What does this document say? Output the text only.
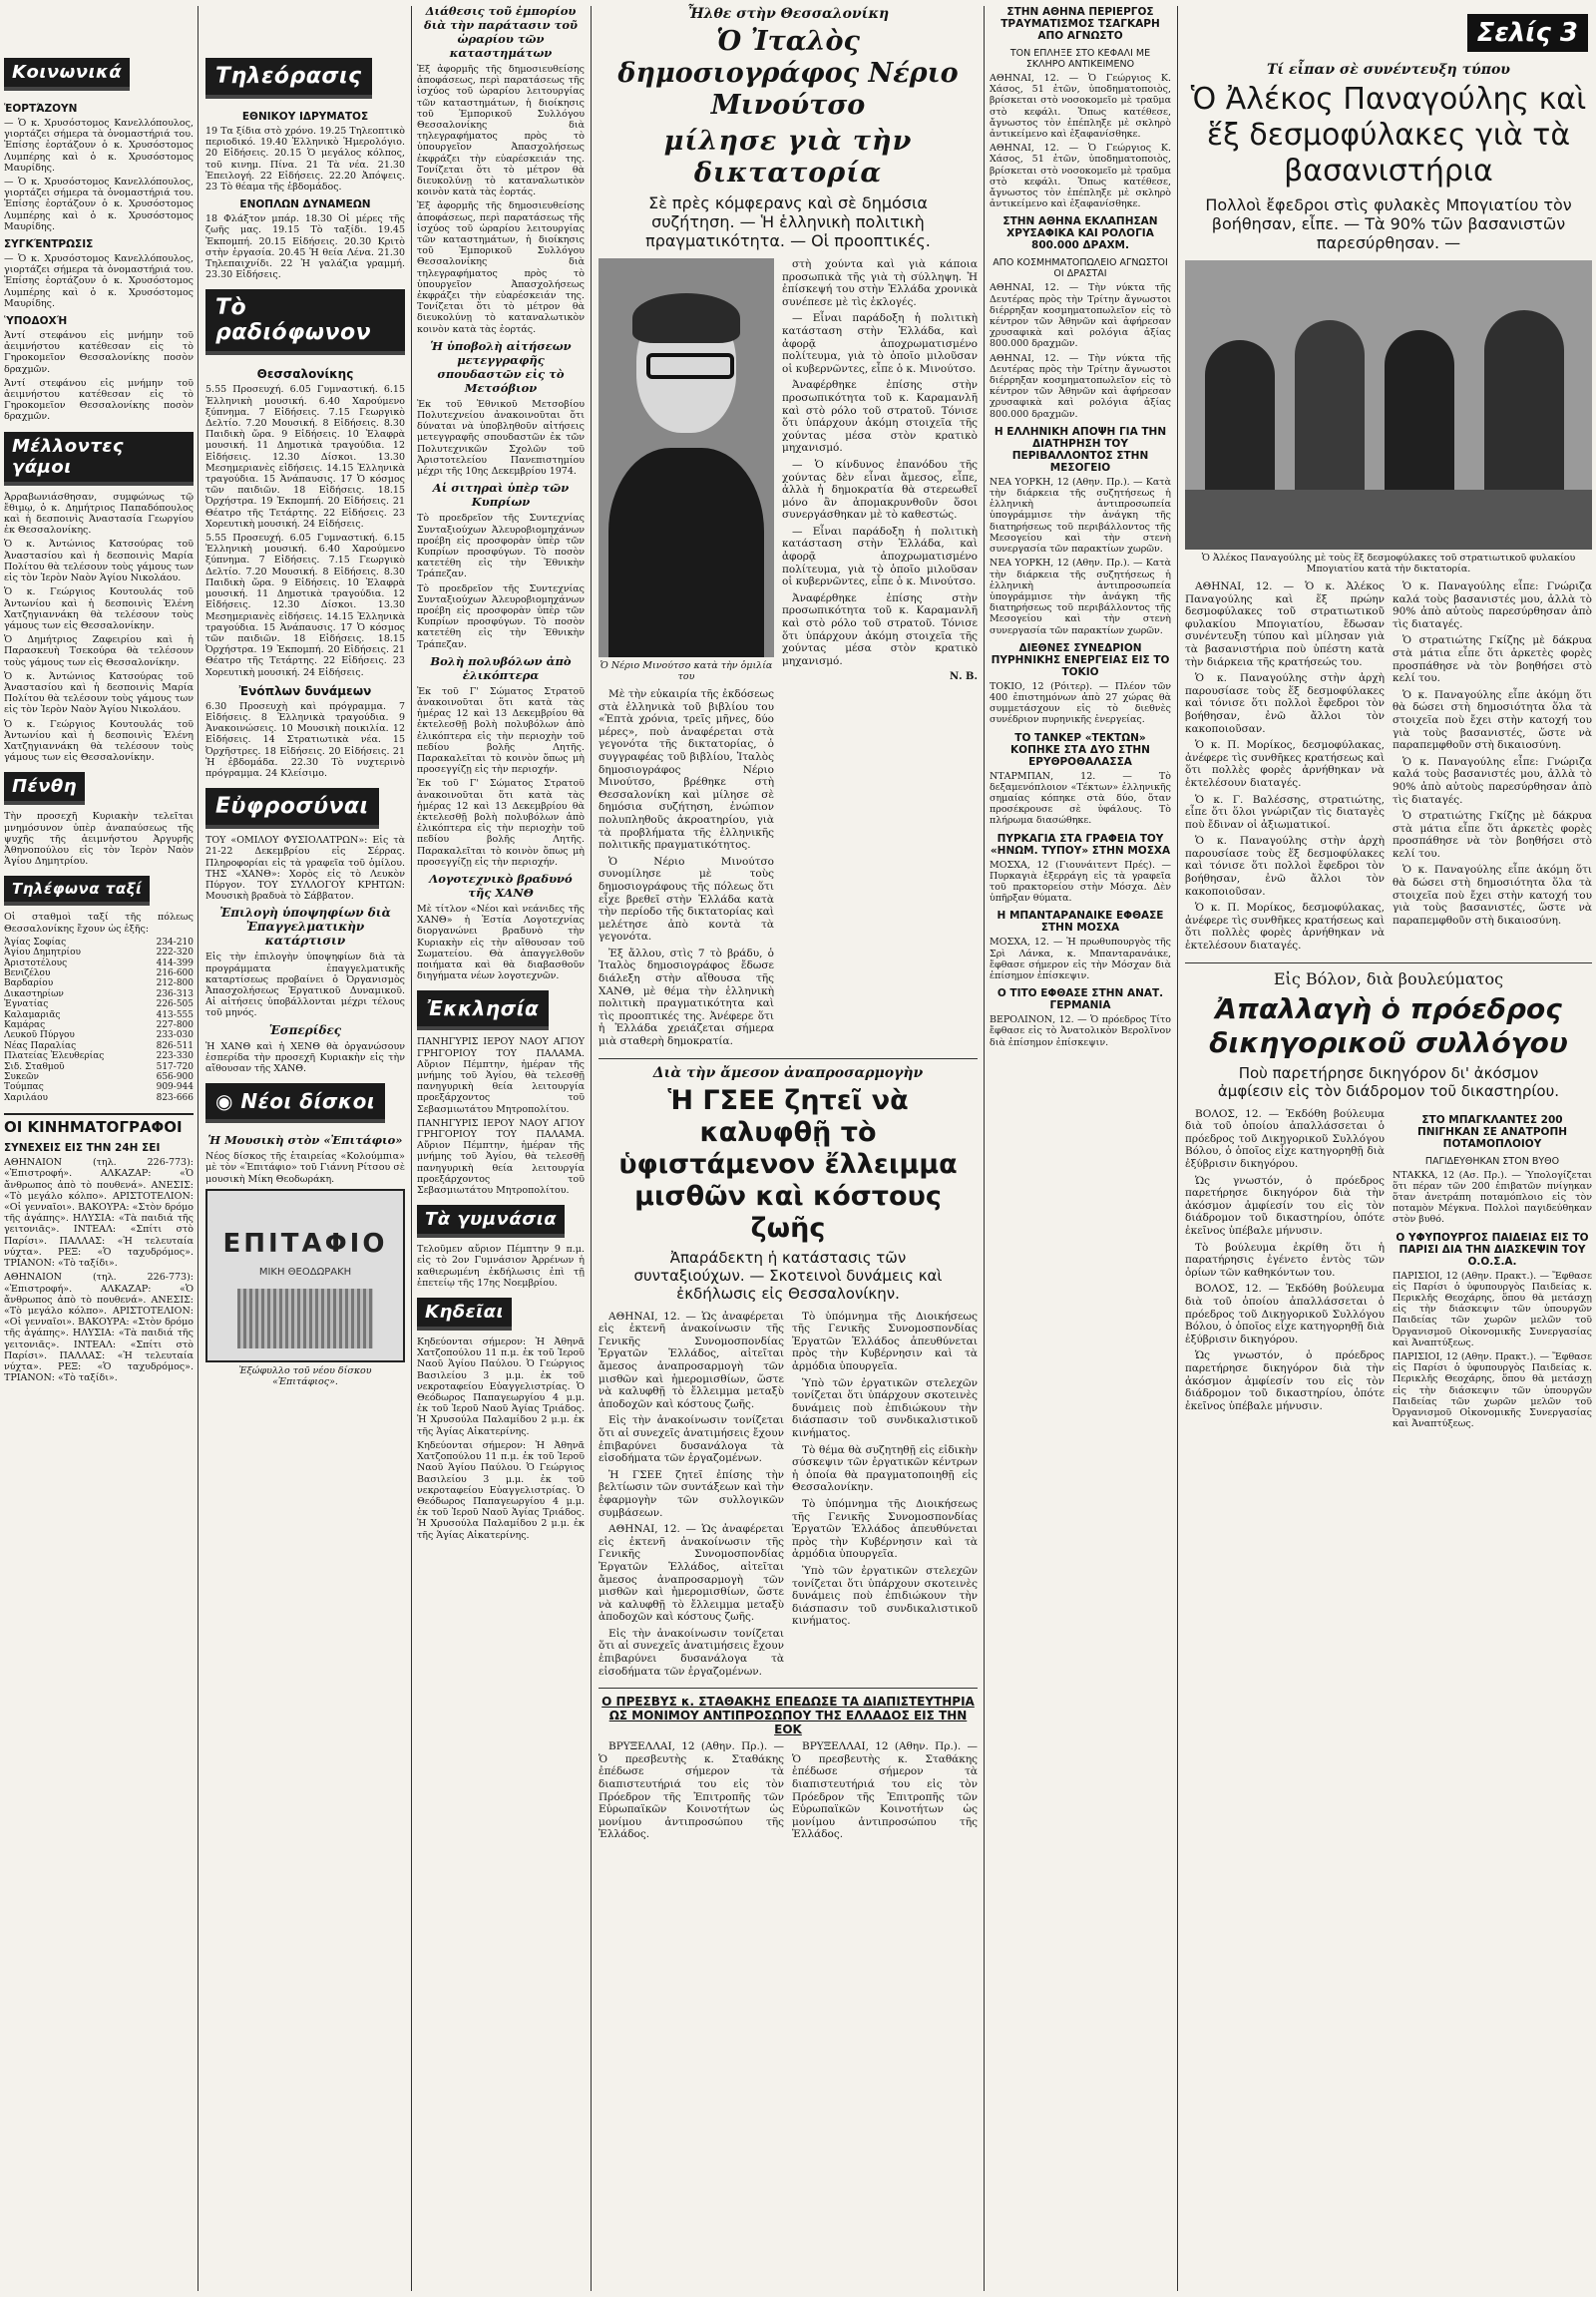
Κοινωνικά
ἙΟΡΤΆΖΟΥΝ

— Ὁ κ. Χρυσόστομος Κανελλόπουλος, γιορτάζει σήμερα τὰ ὀνομαστήριά του. Ἐπίσης ἑορτάζουν ὁ κ. Χρυσόστομος Λυμπέρης καὶ ὁ κ. Χρυσόστομος Μαυρίδης.

— Ὁ κ. Χρυσόστομος Κανελλόπουλος, γιορτάζει σήμερα τὰ ὀνομαστήριά του. Ἐπίσης ἑορτάζουν ὁ κ. Χρυσόστομος Λυμπέρης καὶ ὁ κ. Χρυσόστομος Μαυρίδης.

ΣΥΓΚΈΝΤΡΩΣΙΣ

— Ὁ κ. Χρυσόστομος Κανελλόπουλος, γιορτάζει σήμερα τὰ ὀνομαστήριά του. Ἐπίσης ἑορτάζουν ὁ κ. Χρυσόστομος Λυμπέρης καὶ ὁ κ. Χρυσόστομος Μαυρίδης.

ὙΠΟΔΟΧΉ

Ἀντί στεφάνου εἰς μνήμην τοῦ ἀειμνήστου κατέθεσαν εἰς τὸ Γηροκομεῖον Θεσσαλονίκης ποσὸν δραχμῶν.

Ἀντί στεφάνου εἰς μνήμην τοῦ ἀειμνήστου κατέθεσαν εἰς τὸ Γηροκομεῖον Θεσσαλονίκης ποσὸν δραχμῶν.

Μέλλοντες γάμοι

Ἀρραβωνιάσθησαν, συμφώνως τῷ ἔθιμῳ, ὁ κ. Δημήτριος Παπαδόπουλος καὶ ἡ δεσποινὶς Ἀναστασία Γεωργίου ἐκ Θεσσαλονίκης.

Ὁ κ. Ἀντώνιος Κατσούρας τοῦ Ἀναστασίου καὶ ἡ δεσποινὶς Μαρία Πολίτου θὰ τελέσουν τοὺς γάμους των εἰς τὸν Ἱερὸν Ναὸν Ἁγίου Νικολάου.

Ὁ κ. Γεώργιος Κουτουλάς τοῦ Ἀντωνίου καὶ ἡ δεσποινὶς Ἑλένη Χατζηγιαννάκη θὰ τελέσουν τοὺς γάμους των εἰς Θεσσαλονίκην.

Ὁ Δημήτριος Ζαφειρίου καὶ ἡ Παρασκευὴ Τσεκούρα θὰ τελέσουν τοὺς γάμους των εἰς Θεσσαλονίκην.

Ὁ κ. Ἀντώνιος Κατσούρας τοῦ Ἀναστασίου καὶ ἡ δεσποινὶς Μαρία Πολίτου θὰ τελέσουν τοὺς γάμους των εἰς τὸν Ἱερὸν Ναὸν Ἁγίου Νικολάου.

Ὁ κ. Γεώργιος Κουτουλάς τοῦ Ἀντωνίου καὶ ἡ δεσποινὶς Ἑλένη Χατζηγιαννάκη θὰ τελέσουν τοὺς γάμους των εἰς Θεσσαλονίκην.

Πένθη

Τὴν προσεχῆ Κυριακὴν τελεῖται μνημόσυνον ὑπὲρ ἀναπαύσεως τῆς ψυχῆς τῆς ἀειμνήστου Ἀργυρῆς Ἀθηνοπούλου εἰς τὸν Ἱερὸν Ναὸν Ἁγίου Δημητρίου.

Τηλέφωνα ταξί

Οἱ σταθμοὶ ταξί τῆς πόλεως Θεσσαλονίκης ἔχουν ὡς ἑξῆς:

Ἁγίας Σοφίας	234-210
Ἁγίου Δημητρίου	222-320
Ἀριστοτέλους	414-399
Βενιζέλου	216-600
Βαρδαρίου	212-800
Δικαστηρίων	236-313
Ἐγνατίας	226-505
Καλαμαριᾶς	413-555
Καμάρας	227-800
Λευκοῦ Πύργου	233-030
Νέας Παραλίας	826-511
Πλατείας Ἐλευθερίας	223-330
Σιδ. Σταθμοῦ	517-720
Συκεῶν	656-900
Τούμπας	909-944
Χαριλάου	823-666
ΟΙ ΚΙΝΗΜΑΤΟΓΡΑΦΟΙ
ΣΥΝΕΧΕΙΣ ΕΙΣ ΤΗΝ 24Η ΣΕΙ

ΑΘΗΝΑΙΟΝ (τηλ. 226-773): «Ἐπιστροφή». ΑΛΚΑΖΑΡ: «Ὁ ἄνθρωπος ἀπὸ τὸ πουθενά». ΑΝΕΣΙΣ: «Τὸ μεγάλο κόλπο». ΑΡΙΣΤΟΤΕΛΙΟΝ: «Οἱ γενναῖοι». ΒΑΚΟΥΡΑ: «Στὸν δρόμο τῆς ἀγάπης». ΗΛΥΣΙΑ: «Τὰ παιδιά τῆς γειτονιᾶς». ΙΝΤΕΑΛ: «Σπίτι στὸ Παρίσι». ΠΑΛΛΑΣ: «Ἡ τελευταία νύχτα». ΡΕΞ: «Ὁ ταχυδρόμος». ΤΡΙΑΝΟΝ: «Τὸ ταξίδι».

ΑΘΗΝΑΙΟΝ (τηλ. 226-773): «Ἐπιστροφή». ΑΛΚΑΖΑΡ: «Ὁ ἄνθρωπος ἀπὸ τὸ πουθενά». ΑΝΕΣΙΣ: «Τὸ μεγάλο κόλπο». ΑΡΙΣΤΟΤΕΛΙΟΝ: «Οἱ γενναῖοι». ΒΑΚΟΥΡΑ: «Στὸν δρόμο τῆς ἀγάπης». ΗΛΥΣΙΑ: «Τὰ παιδιά τῆς γειτονιᾶς». ΙΝΤΕΑΛ: «Σπίτι στὸ Παρίσι». ΠΑΛΛΑΣ: «Ἡ τελευταία νύχτα». ΡΕΞ: «Ὁ ταχυδρόμος». ΤΡΙΑΝΟΝ: «Τὸ ταξίδι».

Τηλεόρασις
ΕΘΝΙΚΟΥ ΙΔΡΥΜΑΤΟΣ

19 Τα ξίδια στὸ χρόνο. 19.25 Τηλεοπτικὸ περιοδικό. 19.40 Ἑλληνικὸ Ἡμερολόγιο. 20 Εἰδήσεις. 20.15 Ὁ μεγάλος κόλπος, τοῦ κινημ. Πίνα. 21 Τὰ νέα. 21.30 Ἐπειλογή. 22 Εἰδήσεις. 22.20 Ἀπόψεις. 23 Τὸ θέαμα τῆς ἑβδομάδος.

ΕΝΟΠΛΩΝ ΔΥΝΑΜΕΩΝ

18 Φλάξτον μπάρ. 18.30 Οἱ μέρες τῆς ζωῆς μας. 19.15 Τὸ ταξίδι. 19.45 Ἐκπομπή. 20.15 Εἰδήσεις. 20.30 Κριτὸ στὴν ἐργασία. 20.45 Ἡ θεία Λένα. 21.30 Τηλεπαιχνίδι. 22 Ἡ γαλάζια γραμμή. 23.30 Εἰδήσεις.

Τὸ ραδιόφωνον
Θεσσαλονίκης

5.55 Προσευχή. 6.05 Γυμναστική. 6.15 Ἑλληνικὴ μουσική. 6.40 Χαρούμενο ξύπνημα. 7 Εἰδήσεις. 7.15 Γεωργικὸ Δελτίο. 7.20 Μουσική. 8 Εἰδήσεις. 8.30 Παιδικὴ ὥρα. 9 Εἰδήσεις. 10 Ἐλαφρὰ μουσική. 11 Δημοτικὰ τραγούδια. 12 Εἰδήσεις. 12.30 Δίσκοι. 13.30 Μεσημεριανὲς εἰδήσεις. 14.15 Ἑλληνικὰ τραγούδια. 15 Ἀνάπαυσις. 17 Ὁ κόσμος τῶν παιδιῶν. 18 Εἰδήσεις. 18.15 Ὀρχήστρα. 19 Ἐκπομπή. 20 Εἰδήσεις. 21 Θέατρο τῆς Τετάρτης. 22 Εἰδήσεις. 23 Χορευτικὴ μουσική. 24 Εἰδήσεις.

5.55 Προσευχή. 6.05 Γυμναστική. 6.15 Ἑλληνικὴ μουσική. 6.40 Χαρούμενο ξύπνημα. 7 Εἰδήσεις. 7.15 Γεωργικὸ Δελτίο. 7.20 Μουσική. 8 Εἰδήσεις. 8.30 Παιδικὴ ὥρα. 9 Εἰδήσεις. 10 Ἐλαφρὰ μουσική. 11 Δημοτικὰ τραγούδια. 12 Εἰδήσεις. 12.30 Δίσκοι. 13.30 Μεσημεριανὲς εἰδήσεις. 14.15 Ἑλληνικὰ τραγούδια. 15 Ἀνάπαυσις. 17 Ὁ κόσμος τῶν παιδιῶν. 18 Εἰδήσεις. 18.15 Ὀρχήστρα. 19 Ἐκπομπή. 20 Εἰδήσεις. 21 Θέατρο τῆς Τετάρτης. 22 Εἰδήσεις. 23 Χορευτικὴ μουσική. 24 Εἰδήσεις.

Ἐνόπλων δυνάμεων

6.30 Προσευχὴ καὶ πρόγραμμα. 7 Εἰδήσεις. 8 Ἑλληνικὰ τραγούδια. 9 Ἀνακοινώσεις. 10 Μουσικὴ ποικιλία. 12 Εἰδήσεις. 14 Στρατιωτικὰ νέα. 15 Ὀρχῆστρες. 18 Εἰδήσεις. 20 Εἰδήσεις. 21 Ἡ ἑβδομάδα. 22.30 Τὸ νυχτερινὸ πρόγραμμα. 24 Κλείσιμο.

Εὐφροσύναι

ΤΟΥ «ΟΜΙΛΟΥ ΦΥΣΙΟΛΑΤΡΩΝ»: Εἰς τὰ 21-22 Δεκεμβρίου εἰς Σέρρας. Πληροφορίαι εἰς τὰ γραφεῖα τοῦ ὁμίλου. ΤΗΣ «ΧΑΝΘ»: Χορὸς εἰς τὸ Λευκὸν Πύργον. ΤΟΥ ΣΥΛΛΟΓΟΥ ΚΡΗΤΩΝ: Μουσικὴ βραδυὰ τὸ Σάββατον.

Ἐπιλογὴ ὑποψηφίων διὰ Ἐπαγγελματικὴν κατάρτισιν

Εἰς τὴν ἐπιλογὴν ὑποψηφίων διὰ τὰ προγράμματα ἐπαγγελματικῆς καταρτίσεως προβαίνει ὁ Ὀργανισμὸς Ἀπασχολήσεως Ἐργατικοῦ Δυναμικοῦ. Αἱ αἰτήσεις ὑποβάλλονται μέχρι τέλους τοῦ μηνός.

Ἑσπερίδες

Ἡ ΧΑΝΘ καὶ ἡ ΧΕΝΘ θὰ ὀργανώσουν ἑσπερίδα τὴν προσεχῆ Κυριακὴν εἰς τὴν αἴθουσαν τῆς ΧΑΝΘ.

◉ Νέοι δίσκοι
Ἡ Μουσικὴ στὸν «Ἐπιτάφιο»

Νέος δίσκος τῆς ἑταιρείας «Κολούμπια» μὲ τὸν «Ἐπιτάφιο» τοῦ Γιάννη Ρίτσου σὲ μουσικὴ Μίκη Θεοδωράκη.

ΕΠΙΤΑΦΙΟ
ΜΙΚΗ ΘΕΟΔΩΡΑΚΗ

Ἐξώφυλλο τοῦ νέου δίσκου «Ἐπιτάφιος».

Διάθεσις τοῦ ἐμπορίου διὰ τὴν παράτασιν τοῦ ὡραρίου τῶν καταστημάτων

Ἐξ ἀφορμῆς τῆς δημοσιευθείσης ἀποφάσεως, περὶ παρατάσεως τῆς ἰσχύος τοῦ ὡραρίου λειτουργίας τῶν καταστημάτων, ἡ διοίκησις τοῦ Ἐμπορικοῦ Συλλόγου Θεσσαλονίκης διὰ τηλεγραφήματος πρὸς τὸ ὑπουργεῖον Ἀπασχολήσεως ἐκφράζει τὴν εὐαρέσκειάν της. Τονίζεται ὅτι τὸ μέτρον θὰ διευκολύνῃ τὸ καταναλωτικὸν κοινὸν κατὰ τὰς ἑορτάς.

Ἐξ ἀφορμῆς τῆς δημοσιευθείσης ἀποφάσεως, περὶ παρατάσεως τῆς ἰσχύος τοῦ ὡραρίου λειτουργίας τῶν καταστημάτων, ἡ διοίκησις τοῦ Ἐμπορικοῦ Συλλόγου Θεσσαλονίκης διὰ τηλεγραφήματος πρὸς τὸ ὑπουργεῖον Ἀπασχολήσεως ἐκφράζει τὴν εὐαρέσκειάν της. Τονίζεται ὅτι τὸ μέτρον θὰ διευκολύνῃ τὸ καταναλωτικὸν κοινὸν κατὰ τὰς ἑορτάς.

Ἡ ὑποβολὴ αἰτήσεων μετεγγραφῆς σπουδαστῶν εἰς τὸ Μετσόβιον

Ἐκ τοῦ Ἐθνικοῦ Μετσοβίου Πολυτεχνείου ἀνακοινοῦται ὅτι δύναται νὰ ὑποβληθοῦν αἰτήσεις μετεγγραφῆς σπουδαστῶν ἐκ τῶν Πολυτεχνικῶν Σχολῶν τοῦ Ἀριστοτελείου Πανεπιστημίου μέχρι τῆς 10ης Δεκεμβρίου 1974.

Αἱ σιτηραὶ ὑπὲρ τῶν Κυπρίων

Τὸ προεδρεῖον τῆς Συντεχνίας Συνταξιούχων Ἀλευροβιομηχάνων προέβη εἰς προσφορὰν ὑπὲρ τῶν Κυπρίων προσφύγων. Τὸ ποσὸν κατετέθη εἰς τὴν Ἐθνικὴν Τράπεζαν.

Τὸ προεδρεῖον τῆς Συντεχνίας Συνταξιούχων Ἀλευροβιομηχάνων προέβη εἰς προσφορὰν ὑπὲρ τῶν Κυπρίων προσφύγων. Τὸ ποσὸν κατετέθη εἰς τὴν Ἐθνικὴν Τράπεζαν.

Βολὴ πολυβόλων ἀπὸ ἐλικόπτερα

Ἐκ τοῦ Γ' Σώματος Στρατοῦ ἀνακοινοῦται ὅτι κατὰ τὰς ἡμέρας 12 καὶ 13 Δεκεμβρίου θὰ ἐκτελεσθῇ βολὴ πολυβόλων ἀπὸ ἐλικόπτερα εἰς τὴν περιοχὴν τοῦ πεδίου βολῆς Λητῆς. Παρακαλεῖται τὸ κοινὸν ὅπως μὴ προσεγγίζῃ εἰς τὴν περιοχήν.

Ἐκ τοῦ Γ' Σώματος Στρατοῦ ἀνακοινοῦται ὅτι κατὰ τὰς ἡμέρας 12 καὶ 13 Δεκεμβρίου θὰ ἐκτελεσθῇ βολὴ πολυβόλων ἀπὸ ἐλικόπτερα εἰς τὴν περιοχὴν τοῦ πεδίου βολῆς Λητῆς. Παρακαλεῖται τὸ κοινὸν ὅπως μὴ προσεγγίζῃ εἰς τὴν περιοχήν.

Λογοτεχνικὸ βραδυνό τῆς ΧΑΝΘ

Μὲ τίτλον «Νέοι καὶ νεάνιδες τῆς ΧΑΝΘ» ἡ Ἑστία Λογοτεχνίας διοργανώνει βραδυνὸ τὴν Κυριακὴν εἰς τὴν αἴθουσαν τοῦ Σωματείου. Θὰ ἀπαγγελθοῦν ποιήματα καὶ θὰ διαβασθοῦν διηγήματα νέων λογοτεχνῶν.

Ἐκκλησία

ΠΑΝΗΓΥΡΙΣ ΙΕΡΟΥ ΝΑΟΥ ΑΓΙΟΥ ΓΡΗΓΟΡΙΟΥ ΤΟΥ ΠΑΛΑΜΑ. Αὔριον Πέμπτην, ἡμέραν τῆς μνήμης τοῦ Ἁγίου, θὰ τελεσθῇ πανηγυρικὴ θεία λειτουργία προεξάρχοντος τοῦ Σεβασμιωτάτου Μητροπολίτου.

ΠΑΝΗΓΥΡΙΣ ΙΕΡΟΥ ΝΑΟΥ ΑΓΙΟΥ ΓΡΗΓΟΡΙΟΥ ΤΟΥ ΠΑΛΑΜΑ. Αὔριον Πέμπτην, ἡμέραν τῆς μνήμης τοῦ Ἁγίου, θὰ τελεσθῇ πανηγυρικὴ θεία λειτουργία προεξάρχοντος τοῦ Σεβασμιωτάτου Μητροπολίτου.

Τὰ γυμνάσια

Τελοῦμεν αὔριον Πέμπτην 9 π.μ. εἰς τὸ 2ον Γυμνάσιον Ἀρρένων ἡ καθιερωμένη ἐκδήλωσις ἐπὶ τῇ ἐπετείῳ τῆς 17ης Νοεμβρίου.

Κηδεῖαι

Κηδεύονται σήμερον: Ἡ Ἀθηνᾶ Χατζοπούλου 11 π.μ. ἐκ τοῦ Ἱεροῦ Ναοῦ Ἁγίου Παύλου. Ὁ Γεώργιος Βασιλείου 3 μ.μ. ἐκ τοῦ νεκροταφείου Εὐαγγελιστρίας. Ὁ Θεόδωρος Παπαγεωργίου 4 μ.μ. ἐκ τοῦ Ἱεροῦ Ναοῦ Ἁγίας Τριάδος. Ἡ Χρυσούλα Παλαμίδου 2 μ.μ. ἐκ τῆς Ἁγίας Αἰκατερίνης.

Κηδεύονται σήμερον: Ἡ Ἀθηνᾶ Χατζοπούλου 11 π.μ. ἐκ τοῦ Ἱεροῦ Ναοῦ Ἁγίου Παύλου. Ὁ Γεώργιος Βασιλείου 3 μ.μ. ἐκ τοῦ νεκροταφείου Εὐαγγελιστρίας. Ὁ Θεόδωρος Παπαγεωργίου 4 μ.μ. ἐκ τοῦ Ἱεροῦ Ναοῦ Ἁγίας Τριάδος. Ἡ Χρυσούλα Παλαμίδου 2 μ.μ. ἐκ τῆς Ἁγίας Αἰκατερίνης.

Ἦλθε στὴν Θεσσαλονίκη
Ὁ Ἰταλὸς δημοσιογράφος Νέριο Μινούτσο
μίλησε γιὰ τὴν δικτατορία
Σὲ πρὲς κόμφερανς καὶ σὲ δημόσια συζήτηση. — Ἡ ἑλληνικὴ πολιτικὴ πραγματικότητα. — Οἱ προοπτικές.

Ὁ Νέριο Μινούτσο κατὰ τὴν ὁμιλία του

Μὲ τὴν εὐκαιρία τῆς ἐκδόσεως στὰ ἑλληνικὰ τοῦ βιβλίου του «Ἑπτὰ χρόνια, τρεῖς μῆνες, δύο μέρες», ποὺ ἀναφέρεται στὰ γεγονότα τῆς δικτατορίας, ὁ συγγραφέας τοῦ βιβλίου, Ἰταλὸς δημοσιογράφος Νέριο Μινούτσο, βρέθηκε στὴ Θεσσαλονίκη καὶ μίλησε σὲ δημόσια συζήτηση, ἐνώπιον πολυπληθοῦς ἀκροατηρίου, γιὰ τὰ προβλήματα τῆς ἑλληνικῆς πολιτικῆς πραγματικότητος.

Ὁ Νέριο Μινούτσο συνομίλησε μὲ τοὺς δημοσιογράφους τῆς πόλεως ὅτι εἶχε βρεθεῖ στὴν Ἑλλάδα κατὰ τὴν περίοδο τῆς δικτατορίας καὶ μελέτησε ἀπὸ κοντὰ τὰ γεγονότα.

Ἐξ ἄλλου, στὶς 7 τὸ βράδυ, ὁ Ἰταλὸς δημοσιογράφος ἔδωσε διάλεξη στὴν αἴθουσα τῆς ΧΑΝΘ, μὲ θέμα τὴν ἑλληνικὴ πολιτικὴ πραγματικότητα καὶ τὶς προοπτικές της. Ἀνέφερε ὅτι ἡ Ἑλλάδα χρειάζεται σήμερα μιὰ σταθερὴ δημοκρατία.

στὴ χούντα καὶ γιὰ κάποια προσωπικὰ τῆς γιὰ τὴ σύλληψη. Ἡ ἐπίσκεψή του στὴν Ἑλλάδα χρονικὰ συνέπεσε μὲ τὶς ἐκλογές.

— Εἶναι παράδοξη ἡ πολιτικὴ κατάσταση στὴν Ἑλλάδα, καὶ ἀφορᾷ ἀποχρωματισμένο πολίτευμα, γιὰ τὸ ὁποῖο μιλοῦσαν οἱ κυβερνῶντες, εἶπε ὁ κ. Μινούτσο.

Ἀναφέρθηκε ἐπίσης στὴν προσωπικότητα τοῦ κ. Καραμανλῆ καὶ στὸ ρόλο τοῦ στρατοῦ. Τόνισε ὅτι ὑπάρχουν ἀκόμη στοιχεῖα τῆς χούντας μέσα στὸν κρατικὸ μηχανισμό.

— Ὁ κίνδυνος ἐπανόδου τῆς χούντας δὲν εἶναι ἄμεσος, εἶπε, ἀλλὰ ἡ δημοκρατία θὰ στερεωθεῖ μόνο ἂν ἀπομακρυνθοῦν ὅσοι συνεργάσθηκαν μὲ τὸ καθεστώς.

— Εἶναι παράδοξη ἡ πολιτικὴ κατάσταση στὴν Ἑλλάδα, καὶ ἀφορᾷ ἀποχρωματισμένο πολίτευμα, γιὰ τὸ ὁποῖο μιλοῦσαν οἱ κυβερνῶντες, εἶπε ὁ κ. Μινούτσο.

Ἀναφέρθηκε ἐπίσης στὴν προσωπικότητα τοῦ κ. Καραμανλῆ καὶ στὸ ρόλο τοῦ στρατοῦ. Τόνισε ὅτι ὑπάρχουν ἀκόμη στοιχεῖα τῆς χούντας μέσα στὸν κρατικὸ μηχανισμό.

Ν. Β.
Διὰ τὴν ἄμεσον ἀναπροσαρμογὴν
Ἡ ΓΣΕΕ ζητεῖ νὰ καλυφθῇ τὸ ὑφιστάμενον ἔλλειμμα μισθῶν καὶ κόστους ζωῆς
Ἀπαράδεκτη ἡ κατάστασις τῶν συνταξιούχων. — Σκοτεινοὶ δυνάμεις καὶ ἐκδήλωσις εἰς Θεσσαλονίκην.

ΑΘΗΝΑΙ, 12. — Ὡς ἀναφέρεται εἰς ἐκτενῆ ἀνακοίνωσιν τῆς Γενικῆς Συνομοσπονδίας Ἐργατῶν Ἑλλάδος, αἰτεῖται ἄμεσος ἀναπροσαρμογὴ τῶν μισθῶν καὶ ἡμερομισθίων, ὥστε νὰ καλυφθῇ τὸ ἔλλειμμα μεταξὺ ἀποδοχῶν καὶ κόστους ζωῆς.

Εἰς τὴν ἀνακοίνωσιν τονίζεται ὅτι αἱ συνεχεῖς ἀνατιμήσεις ἔχουν ἐπιβαρύνει δυσανάλογα τὰ εἰσοδήματα τῶν ἐργαζομένων.

Ἡ ΓΣΕΕ ζητεῖ ἐπίσης τὴν βελτίωσιν τῶν συντάξεων καὶ τὴν ἐφαρμογὴν τῶν συλλογικῶν συμβάσεων.

ΑΘΗΝΑΙ, 12. — Ὡς ἀναφέρεται εἰς ἐκτενῆ ἀνακοίνωσιν τῆς Γενικῆς Συνομοσπονδίας Ἐργατῶν Ἑλλάδος, αἰτεῖται ἄμεσος ἀναπροσαρμογὴ τῶν μισθῶν καὶ ἡμερομισθίων, ὥστε νὰ καλυφθῇ τὸ ἔλλειμμα μεταξὺ ἀποδοχῶν καὶ κόστους ζωῆς.

Εἰς τὴν ἀνακοίνωσιν τονίζεται ὅτι αἱ συνεχεῖς ἀνατιμήσεις ἔχουν ἐπιβαρύνει δυσανάλογα τὰ εἰσοδήματα τῶν ἐργαζομένων.

Τὸ ὑπόμνημα τῆς Διοικήσεως τῆς Γενικῆς Συνομοσπονδίας Ἐργατῶν Ἑλλάδος ἀπευθύνεται πρὸς τὴν Κυβέρνησιν καὶ τὰ ἁρμόδια ὑπουργεῖα.

Ὑπὸ τῶν ἐργατικῶν στελεχῶν τονίζεται ὅτι ὑπάρχουν σκοτεινὲς δυνάμεις ποὺ ἐπιδιώκουν τὴν διάσπασιν τοῦ συνδικαλιστικοῦ κινήματος.

Τὸ θέμα θὰ συζητηθῇ εἰς εἰδικὴν σύσκεψιν τῶν ἐργατικῶν κέντρων ἡ ὁποία θὰ πραγματοποιηθῇ εἰς Θεσσαλονίκην.

Τὸ ὑπόμνημα τῆς Διοικήσεως τῆς Γενικῆς Συνομοσπονδίας Ἐργατῶν Ἑλλάδος ἀπευθύνεται πρὸς τὴν Κυβέρνησιν καὶ τὰ ἁρμόδια ὑπουργεῖα.

Ὑπὸ τῶν ἐργατικῶν στελεχῶν τονίζεται ὅτι ὑπάρχουν σκοτεινὲς δυνάμεις ποὺ ἐπιδιώκουν τὴν διάσπασιν τοῦ συνδικαλιστικοῦ κινήματος.

Ο ΠΡΕΣΒΥΣ κ. ΣΤΑΘΑΚΗΣ ΕΠΕΔΩΣΕ ΤΑ ΔΙΑΠΙΣΤΕΥΤΗΡΙΑ ΩΣ ΜΟΝΙΜΟΥ ΑΝΤΙΠΡΟΣΩΠΟΥ ΤΗΣ ΕΛΛΑΔΟΣ ΕΙΣ ΤΗΝ ΕΟΚ

ΒΡΥΞΕΛΛΑΙ, 12 (Αθην. Πρ.). — Ὁ πρεσβευτὴς κ. Σταθάκης ἐπέδωσε σήμερον τὰ διαπιστευτήριά του εἰς τὸν Πρόεδρον τῆς Ἐπιτροπῆς τῶν Εὐρωπαϊκῶν Κοινοτήτων ὡς μονίμου ἀντιπροσώπου τῆς Ἑλλάδος.

ΒΡΥΞΕΛΛΑΙ, 12 (Αθην. Πρ.). — Ὁ πρεσβευτὴς κ. Σταθάκης ἐπέδωσε σήμερον τὰ διαπιστευτήριά του εἰς τὸν Πρόεδρον τῆς Ἐπιτροπῆς τῶν Εὐρωπαϊκῶν Κοινοτήτων ὡς μονίμου ἀντιπροσώπου τῆς Ἑλλάδος.

ΣΤΗΝ ΑΘΗΝΑ ΠΕΡΙΕΡΓΟΣ ΤΡΑΥΜΑΤΙΣΜΟΣ ΤΣΑΓΚΑΡΗ ΑΠΟ ΑΓΝΩΣΤΟ
ΤΟΝ ΕΠΛΗΞΕ ΣΤΟ ΚΕΦΑΛΙ ΜΕ ΣΚΛΗΡΟ ΑΝΤΙΚΕΙΜΕΝΟ

ΑΘΗΝΑΙ, 12. — Ὁ Γεώργιος Κ. Χάσος, 51 ἐτῶν, ὑποδηματοποιὸς, βρίσκεται στὸ νοσοκομεῖο μὲ τραῦμα στὸ κεφάλι. Ὅπως κατέθεσε, ἄγνωστος τὸν ἐπέπληξε μὲ σκληρὸ ἀντικείμενο καὶ ἐξαφανίσθηκε.

ΑΘΗΝΑΙ, 12. — Ὁ Γεώργιος Κ. Χάσος, 51 ἐτῶν, ὑποδηματοποιὸς, βρίσκεται στὸ νοσοκομεῖο μὲ τραῦμα στὸ κεφάλι. Ὅπως κατέθεσε, ἄγνωστος τὸν ἐπέπληξε μὲ σκληρὸ ἀντικείμενο καὶ ἐξαφανίσθηκε.

ΣΤΗΝ ΑΘΗΝΑ ΕΚΛΑΠΗΣΑΝ ΧΡΥΣΑΦΙΚΑ ΚΑΙ ΡΟΛΟΓΙΑ 800.000 ΔΡΑΧΜ.
ΑΠΟ ΚΟΣΜΗΜΑΤΟΠΩΛΕΙΟ ΑΓΝΩΣΤΟΙ ΟΙ ΔΡΑΣΤΑΙ

ΑΘΗΝΑΙ, 12. — Τὴν νύκτα τῆς Δευτέρας πρὸς τὴν Τρίτην ἄγνωστοι διέρρηξαν κοσμηματοπωλεῖον εἰς τὸ κέντρον τῶν Ἀθηνῶν καὶ ἀφήρεσαν χρυσαφικὰ καὶ ρολόγια ἀξίας 800.000 δραχμῶν.

ΑΘΗΝΑΙ, 12. — Τὴν νύκτα τῆς Δευτέρας πρὸς τὴν Τρίτην ἄγνωστοι διέρρηξαν κοσμηματοπωλεῖον εἰς τὸ κέντρον τῶν Ἀθηνῶν καὶ ἀφήρεσαν χρυσαφικὰ καὶ ρολόγια ἀξίας 800.000 δραχμῶν.

Η ΕΛΛΗΝΙΚΗ ΑΠΟΨΗ ΓΙΑ ΤΗΝ ΔΙΑΤΗΡΗΣΗ ΤΟΥ ΠΕΡΙΒΑΛΛΟΝΤΟΣ ΣΤΗΝ ΜΕΣΟΓΕΙΟ

ΝΕΑ ΥΟΡΚΗ, 12 (Αθην. Πρ.). — Κατὰ τὴν διάρκεια τῆς συζητήσεως ἡ ἑλληνικὴ ἀντιπροσωπεία ὑπογράμμισε τὴν ἀνάγκη τῆς διατηρήσεως τοῦ περιβάλλοντος τῆς Μεσογείου καὶ τὴν στενὴ συνεργασία τῶν παρακτίων χωρῶν.

ΝΕΑ ΥΟΡΚΗ, 12 (Αθην. Πρ.). — Κατὰ τὴν διάρκεια τῆς συζητήσεως ἡ ἑλληνικὴ ἀντιπροσωπεία ὑπογράμμισε τὴν ἀνάγκη τῆς διατηρήσεως τοῦ περιβάλλοντος τῆς Μεσογείου καὶ τὴν στενὴ συνεργασία τῶν παρακτίων χωρῶν.

ΔΙΕΘΝΕΣ ΣΥΝΕΔΡΙΟΝ ΠΥΡΗΝΙΚΗΣ ΕΝΕΡΓΕΙΑΣ ΕΙΣ ΤΟ ΤΟΚΙΟ

ΤΟΚΙΟ, 12 (Ρόιτερ). — Πλέον τῶν 400 ἐπιστημόνων ἀπὸ 27 χώρας θὰ συμμετάσχουν εἰς τὸ διεθνὲς συνέδριον πυρηνικῆς ἐνεργείας.

ΤΟ ΤΑΝΚΕΡ «ΤΕΚΤΩΝ» ΚΟΠΗΚΕ ΣΤΑ ΔΥΟ ΣΤΗΝ ΕΡΥΘΡΟΘΑΛΑΣΣΑ

ΝΤΑΡΜΠΑΝ, 12. — Τὸ δεξαμενόπλοιον «Τέκτων» ἑλληνικῆς σημαίας κόπηκε στὰ δύο, ὅταν προσέκρουσε σὲ ὑφάλους. Τὸ πλήρωμα διασώθηκε.

ΠΥΡΚΑΓΙΑ ΣΤΑ ΓΡΑΦΕΙΑ ΤΟΥ «ΗΝΩΜ. ΤΥΠΟΥ» ΣΤΗΝ ΜΟΣΧΑ

ΜΟΣΧΑ, 12 (Γιουνάιτεντ Πρές). — Πυρκαγιὰ ἐξερράγη εἰς τὰ γραφεῖα τοῦ πρακτορείου στὴν Μόσχα. Δὲν ὑπῆρξαν θύματα.

Η ΜΠΑΝΤΑΡΑΝΑΙΚΕ ΕΦΘΑΣΕ ΣΤΗΝ ΜΟΣΧΑ

ΜΟΣΧΑ, 12. — Ἡ πρωθυπουργὸς τῆς Σρὶ Λάνκα, κ. Μπανταρανάικε, ἔφθασε σήμερον εἰς τὴν Μόσχαν διὰ ἐπίσημον ἐπίσκεψιν.

Ο ΤΙΤΟ ΕΦΘΑΣΕ ΣΤΗΝ ΑΝΑΤ. ΓΕΡΜΑΝΙΑ

ΒΕΡΟΛΙΝΟΝ, 12. — Ὁ πρόεδρος Τίτο ἔφθασε εἰς τὸ Ἀνατολικὸν Βερολῖνον διὰ ἐπίσημον ἐπίσκεψιν.

Σελίς 3
Τί εἶπαν σὲ συνέντευξη τύπου
Ὁ Ἀλέκος Παναγούλης καὶ ἕξ δεσμοφύλακες γιὰ τὰ βασανιστήρια
Πολλοὶ ἔφεδροι στὶς φυλακὲς Μπογιατίου τὸν βοήθησαν, εἶπε. — Τὰ 90% τῶν βασανιστῶν παρεσύρθησαν. —

Ὁ Ἀλέκος Παναγούλης μὲ τοὺς ἕξ δεσμοφύλακες τοῦ στρατιωτικοῦ φυλακίου Μπογιατίου κατὰ τὴν δικτατορία.

ΑΘΗΝΑΙ, 12. — Ὁ κ. Ἀλέκος Παναγούλης καὶ ἕξ πρώην δεσμοφύλακες τοῦ στρατιωτικοῦ φυλακίου Μπογιατίου, ἔδωσαν συνέντευξη τύπου καὶ μίλησαν γιὰ τὰ βασανιστήρια ποὺ ὑπέστη κατὰ τὴν διάρκεια τῆς κρατήσεώς του.

Ὁ κ. Παναγούλης στὴν ἀρχὴ παρουσίασε τοὺς ἕξ δεσμοφύλακες καὶ τόνισε ὅτι πολλοὶ ἔφεδροι τὸν βοήθησαν, ἐνῶ ἄλλοι τὸν κακοποιοῦσαν.

Ὁ κ. Π. Μορίκος, δεσμοφύλακας, ἀνέφερε τὶς συνθῆκες κρατήσεως καὶ ὅτι πολλὲς φορὲς ἀρνήθηκαν νὰ ἐκτελέσουν διαταγές.

Ὁ κ. Γ. Βαλέσσης, στρατιώτης, εἶπε ὅτι ὅλοι γνώριζαν τὶς διαταγὲς ποὺ ἔδιναν οἱ ἀξιωματικοί.

Ὁ κ. Παναγούλης στὴν ἀρχὴ παρουσίασε τοὺς ἕξ δεσμοφύλακες καὶ τόνισε ὅτι πολλοὶ ἔφεδροι τὸν βοήθησαν, ἐνῶ ἄλλοι τὸν κακοποιοῦσαν.

Ὁ κ. Π. Μορίκος, δεσμοφύλακας, ἀνέφερε τὶς συνθῆκες κρατήσεως καὶ ὅτι πολλὲς φορὲς ἀρνήθηκαν νὰ ἐκτελέσουν διαταγές.

Ὁ κ. Παναγούλης εἶπε: Γνώριζα καλά τοὺς βασανιστές μου, ἀλλὰ τὸ 90% ἀπὸ αὐτοὺς παρεσύρθησαν ἀπὸ τὶς διαταγές.

Ὁ στρατιώτης Γκίζης μὲ δάκρυα στὰ μάτια εἶπε ὅτι ἀρκετὲς φορὲς προσπάθησε νὰ τὸν βοηθήσει στὸ κελί του.

Ὁ κ. Παναγούλης εἶπε ἀκόμη ὅτι θὰ δώσει στὴ δημοσιότητα ὅλα τὰ στοιχεῖα ποὺ ἔχει στὴν κατοχή του γιὰ τοὺς βασανιστές, ὥστε νὰ παραπεμφθοῦν στὴ δικαιοσύνη.

Ὁ κ. Παναγούλης εἶπε: Γνώριζα καλά τοὺς βασανιστές μου, ἀλλὰ τὸ 90% ἀπὸ αὐτοὺς παρεσύρθησαν ἀπὸ τὶς διαταγές.

Ὁ στρατιώτης Γκίζης μὲ δάκρυα στὰ μάτια εἶπε ὅτι ἀρκετὲς φορὲς προσπάθησε νὰ τὸν βοηθήσει στὸ κελί του.

Ὁ κ. Παναγούλης εἶπε ἀκόμη ὅτι θὰ δώσει στὴ δημοσιότητα ὅλα τὰ στοιχεῖα ποὺ ἔχει στὴν κατοχή του γιὰ τοὺς βασανιστές, ὥστε νὰ παραπεμφθοῦν στὴ δικαιοσύνη.

Εἰς Βόλον, διὰ βουλεύματος
Ἀπαλλαγὴ ὁ πρόεδρος δικηγορικοῦ συλλόγου
Ποὺ παρετήρησε δικηγόρον δι' ἀκόσμον ἀμφίεσιν εἰς τὸν διάδρομον τοῦ δικαστηρίου.

ΒΟΛΟΣ, 12. — Ἐκδόθη βούλευμα διὰ τοῦ ὁποίου ἀπαλλάσσεται ὁ πρόεδρος τοῦ Δικηγορικοῦ Συλλόγου Βόλου, ὁ ὁποῖος εἶχε κατηγορηθῇ διὰ ἐξύβρισιν δικηγόρου.

Ὡς γνωστόν, ὁ πρόεδρος παρετήρησε δικηγόρον διὰ τὴν ἀκόσμον ἀμφίεσίν του εἰς τὸν διάδρομον τοῦ δικαστηρίου, ὁπότε ἐκεῖνος ὑπέβαλε μήνυσιν.

Τὸ βούλευμα ἐκρίθη ὅτι ἡ παρατήρησις ἐγένετο ἐντὸς τῶν ὁρίων τῶν καθηκόντων του.

ΒΟΛΟΣ, 12. — Ἐκδόθη βούλευμα διὰ τοῦ ὁποίου ἀπαλλάσσεται ὁ πρόεδρος τοῦ Δικηγορικοῦ Συλλόγου Βόλου, ὁ ὁποῖος εἶχε κατηγορηθῇ διὰ ἐξύβρισιν δικηγόρου.

Ὡς γνωστόν, ὁ πρόεδρος παρετήρησε δικηγόρον διὰ τὴν ἀκόσμον ἀμφίεσίν του εἰς τὸν διάδρομον τοῦ δικαστηρίου, ὁπότε ἐκεῖνος ὑπέβαλε μήνυσιν.

ΣΤΟ ΜΠΑΓΚΛΑΝΤΕΣ 200 ΠΝΙΓΗΚΑΝ ΣΕ ΑΝΑΤΡΟΠΗ ΠΟΤΑΜΟΠΛΟΙΟΥ
ΠΑΓΙΔΕΥΘΗΚΑΝ ΣΤΟΝ ΒΥΘΟ

ΝΤΑΚΚΑ, 12 (Ασ. Πρ.). — Ὑπολογίζεται ὅτι πέραν τῶν 200 ἐπιβατῶν πνίγηκαν ὅταν ἀνετράπη ποταμόπλοιο εἰς τὸν ποταμὸν Μέγκνα. Πολλοὶ παγιδεύθηκαν στὸν βυθό.

Ο ΥΦΥΠΟΥΡΓΟΣ ΠΑΙΔΕΙΑΣ ΕΙΣ ΤΟ ΠΑΡΙΣΙ ΔΙΑ ΤΗΝ ΔΙΑΣΚΕΨΙΝ ΤΟΥ Ο.Ο.Σ.Α.

ΠΑΡΙΣΙΟΙ, 12 (Αθην. Πρακτ.). — Ἔφθασε εἰς Παρίσι ὁ ὑφυπουργὸς Παιδείας κ. Περικλῆς Θεοχάρης, ὅπου θὰ μετάσχῃ εἰς τὴν διάσκεψιν τῶν ὑπουργῶν Παιδείας τῶν χωρῶν μελῶν τοῦ Ὀργανισμοῦ Οἰκονομικῆς Συνεργασίας καὶ Ἀναπτύξεως.

ΠΑΡΙΣΙΟΙ, 12 (Αθην. Πρακτ.). — Ἔφθασε εἰς Παρίσι ὁ ὑφυπουργὸς Παιδείας κ. Περικλῆς Θεοχάρης, ὅπου θὰ μετάσχῃ εἰς τὴν διάσκεψιν τῶν ὑπουργῶν Παιδείας τῶν χωρῶν μελῶν τοῦ Ὀργανισμοῦ Οἰκονομικῆς Συνεργασίας καὶ Ἀναπτύξεως.
